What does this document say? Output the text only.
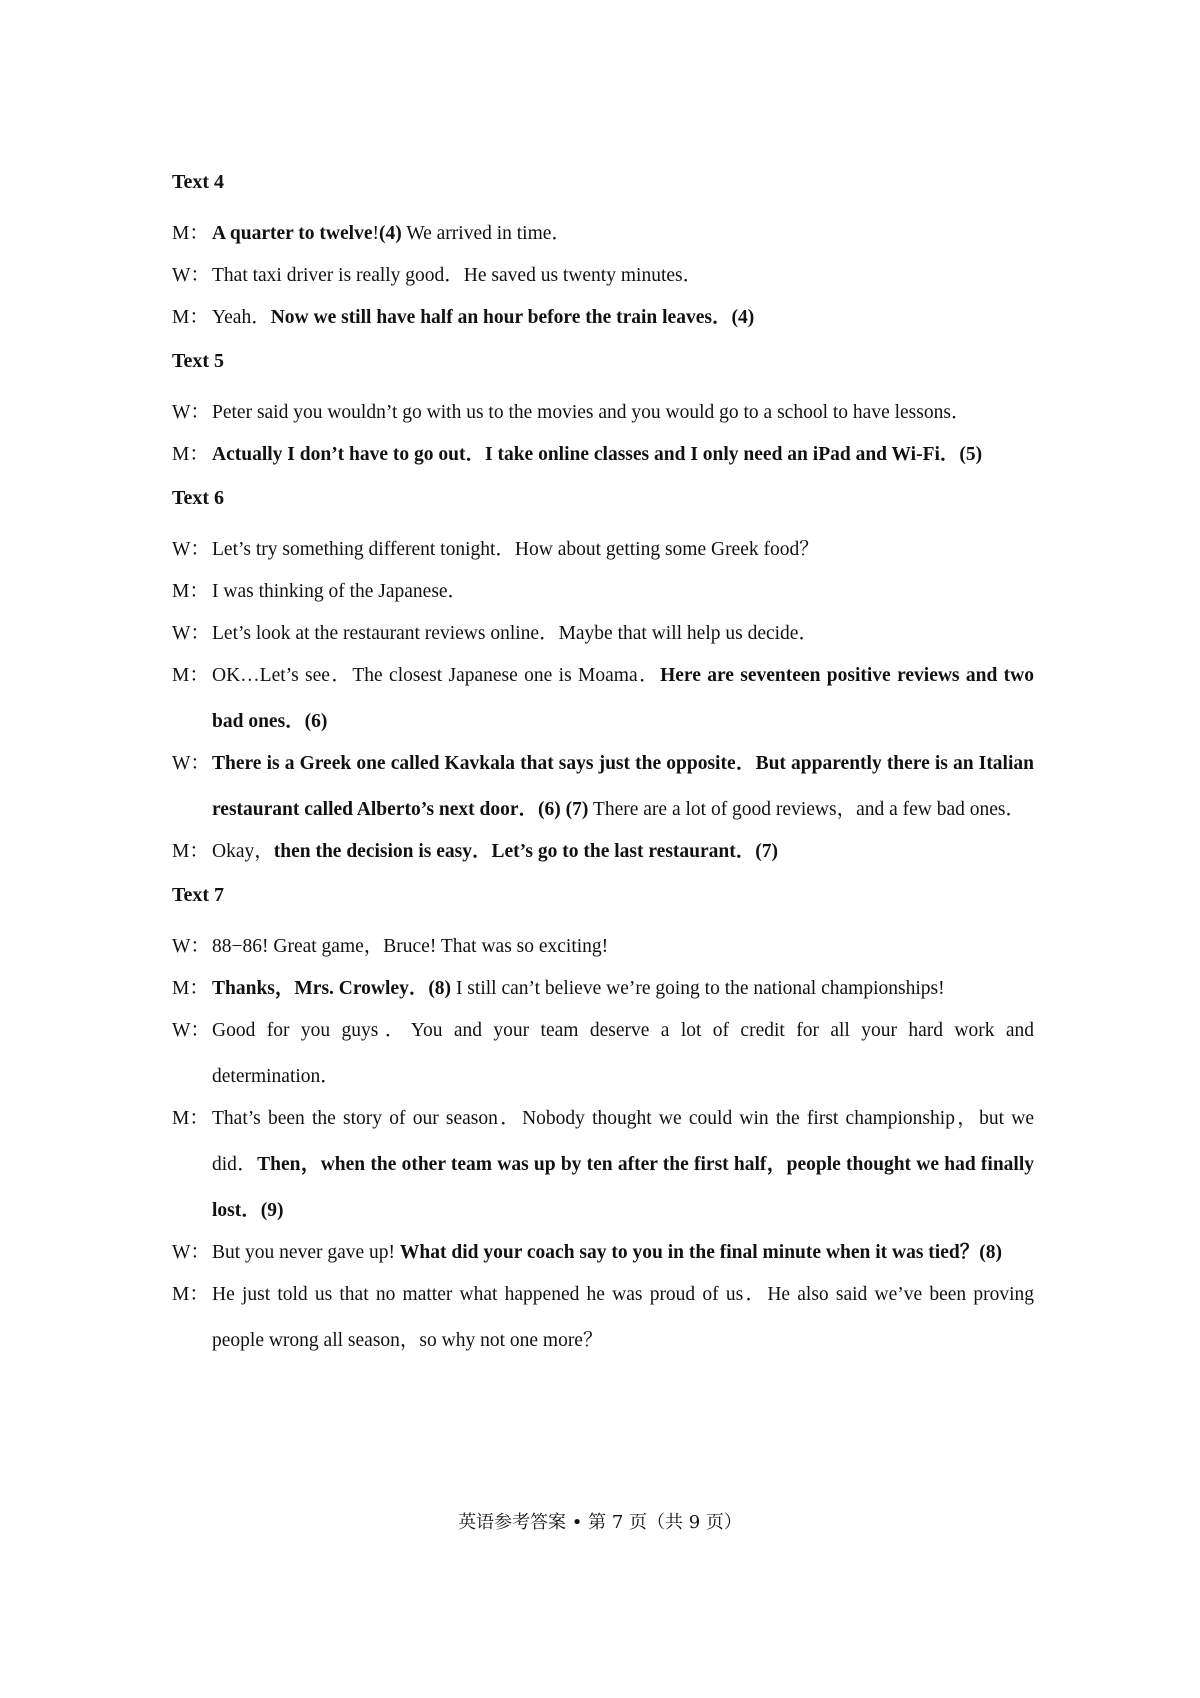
Text 4
M： A quarter to twelve!(4) We arrived in time．
W： That taxi driver is really good．He saved us twenty minutes．
M： Yeah．Now we still have half an hour before the train leaves．(4)
Text 5
W： Peter said you wouldn’t go with us to the movies and you would go to a school to have lessons．
M： Actually I don’t have to go out．I take online classes and I only need an iPad and Wi-Fi．(5)
Text 6
W： Let’s try something different tonight．How about getting some Greek food？
M： I was thinking of the Japanese．
W： Let’s look at the restaurant reviews online．Maybe that will help us decide．
M： OK…Let’s see．The closest Japanese one is Moama．Here are seventeen positive reviews and two bad ones．(6)
W： There is a Greek one called Kavkala that says just the opposite．But apparently there is an Italian restaurant called Alberto’s next door．(6) (7) There are a lot of good reviews，and a few bad ones．
M： Okay，then the decision is easy．Let’s go to the last restaurant．(7)
Text 7
W： 88−86! Great game，Bruce! That was so exciting!
M： Thanks，Mrs. Crowley．(8) I still can’t believe we’re going to the national championships!
W： Good for you guys．You and your team deserve a lot of credit for all your hard work and determination．
M： That’s been the story of our season．Nobody thought we could win the first championship，but we did．Then，when the other team was up by ten after the first half，people thought we had finally lost．(9)
W： But you never gave up! What did your coach say to you in the final minute when it was tied？(8)
M： He just told us that no matter what happened he was proud of us．He also said we’ve been proving people wrong all season，so why not one more？
英语参考答案 • 第 7 页（共 9 页）
